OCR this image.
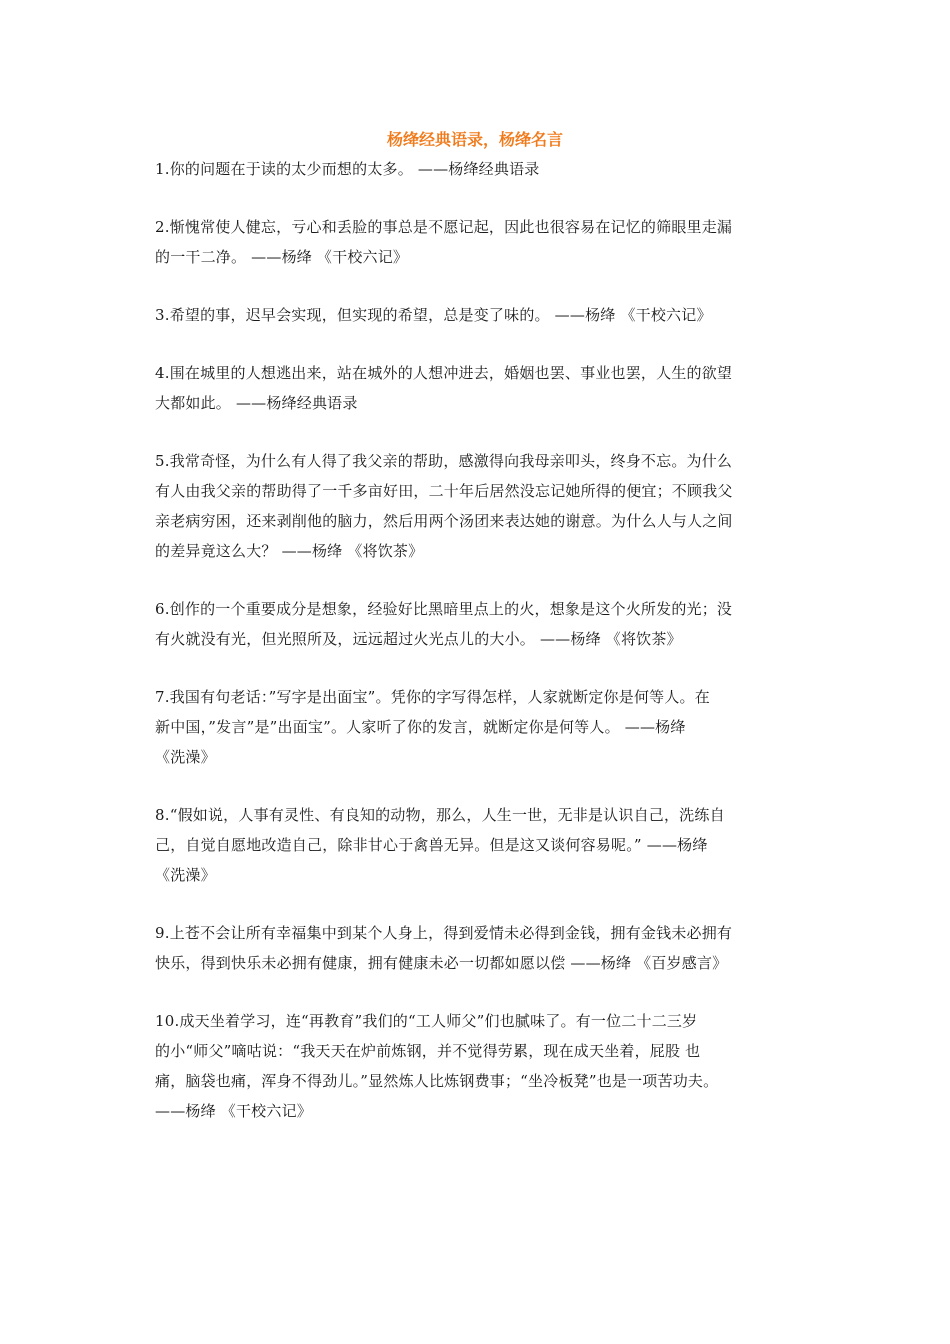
杨绛经典语录，杨绛名言
1.你的问题在于读的太少而想的太多。 ——杨绛经典语录
2.惭愧常使人健忘，亏心和丢脸的事总是不愿记起，因此也很容易在记忆的筛眼里走漏
的一干二净。 ——杨绛 《干校六记》
3.希望的事，迟早会实现，但实现的希望，总是变了味的。 ——杨绛 《干校六记》
4.围在城里的人想逃出来，站在城外的人想冲进去，婚姻也罢、事业也罢，人生的欲望
大都如此。 ——杨绛经典语录
5.我常奇怪，为什么有人得了我父亲的帮助，感激得向我母亲叩头，终身不忘。为什么
有人由我父亲的帮助得了一千多亩好田，二十年后居然没忘记她所得的便宜；不顾我父
亲老病穷困，还来剥削他的脑力，然后用两个汤团来表达她的谢意。为什么人与人之间
的差异竟这么大？ ——杨绛 《将饮茶》
6.创作的一个重要成分是想象，经验好比黑暗里点上的火，想象是这个火所发的光；没
有火就没有光，但光照所及，远远超过火光点儿的大小。 ——杨绛 《将饮茶》
7.我国有句老话：”写字是出面宝”。凭你的字写得怎样，人家就断定你是何等人。在
新中国，”发言”是”出面宝”。人家听了你的发言，就断定你是何等人。 ——杨绛
《洗澡》
8.“假如说，人事有灵性、有良知的动物，那么，人生一世，无非是认识自己，洗练自
己，自觉自愿地改造自己，除非甘心于禽兽无异。但是这又谈何容易呢。” ——杨绛
《洗澡》
9.上苍不会让所有幸福集中到某个人身上，得到爱情未必得到金钱，拥有金钱未必拥有
快乐，得到快乐未必拥有健康，拥有健康未必一切都如愿以偿 ——杨绛 《百岁感言》
10.成天坐着学习，连“再教育”我们的“工人师父”们也腻味了。有一位二十二三岁
的小“师父”嘀咕说：“我天天在炉前炼钢，并不觉得劳累，现在成天坐着，屁股 也
痛，脑袋也痛，浑身不得劲儿。”显然炼人比炼钢费事；“坐冷板凳”也是一项苦功夫。
——杨绛 《干校六记》
